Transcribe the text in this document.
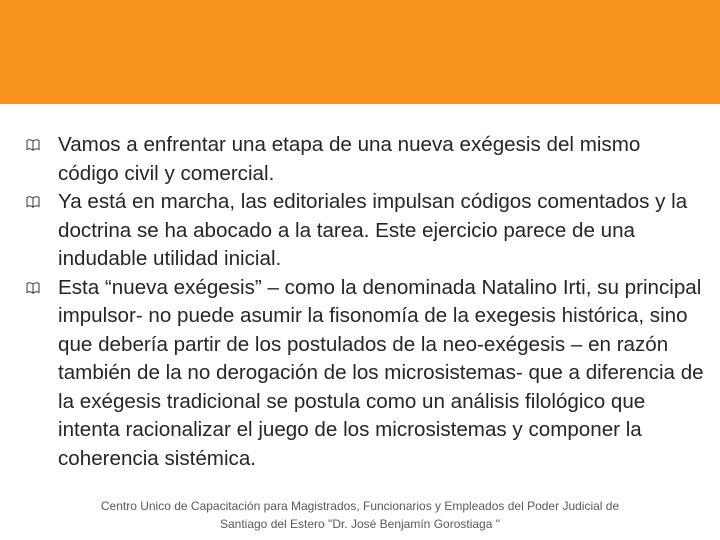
Vamos a enfrentar una etapa de una nueva exégesis del mismo código civil y comercial.
Ya está en marcha, las editoriales impulsan códigos comentados y la doctrina se ha abocado a la tarea. Este ejercicio parece de una indudable utilidad inicial.
Esta “nueva exégesis” – como la denominada Natalino Irti, su principal impulsor- no puede asumir la fisonomía de la exegesis histórica, sino que debería partir de los postulados de la neo-exégesis – en razón también de la no derogación de los microsistemas- que a diferencia de la exégesis tradicional se postula como un análisis filológico que intenta racionalizar el juego de los microsistemas y componer la coherencia sistémica.
Centro Unico de Capacitación para Magistrados, Funcionarios y Empleados del Poder Judicial de
Santiago del Estero "Dr. José Benjamín Gorostiaga "
